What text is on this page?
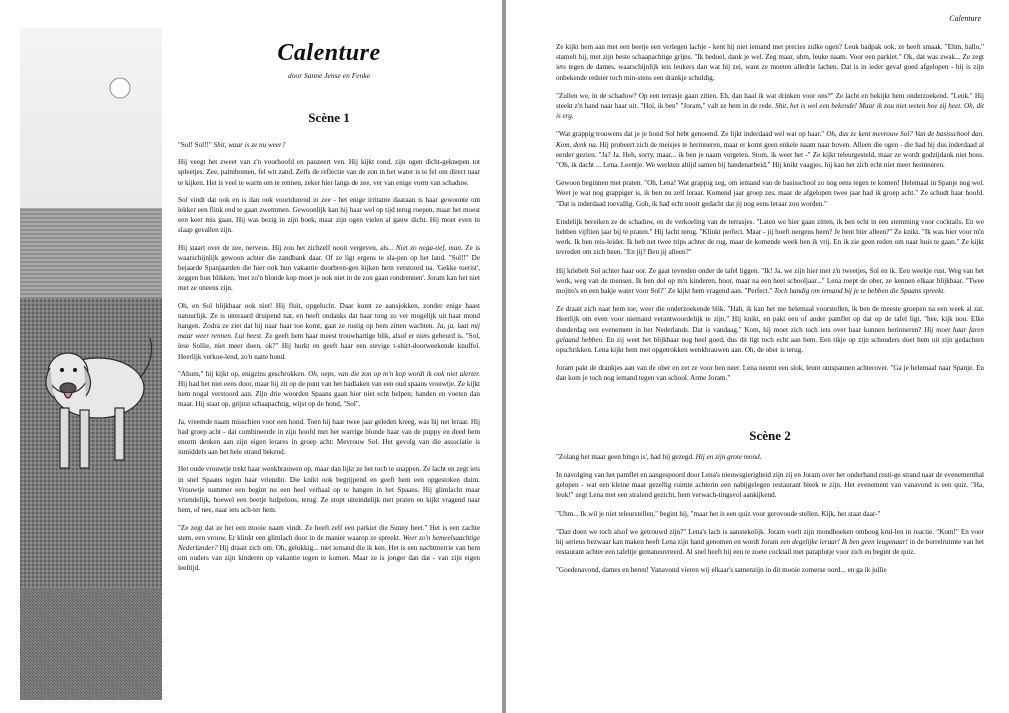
Calenture

door Sanne Jense en Fenke

Scène 1

"Sol! Sol!!" Shit, waar is ze nu weer?

Hij veegt het zweet van z'n voorhoofd en pauzeert ven. Hij kijkt rond, zijn ogen dicht-geknepen tot spleetjes. Zee, palmbomen, fel wit zand. Zelfs de reflectie van de zon in het water is te fel om direct naar te kijken. Het is veel te warm om te rennen, zeker hier langs de zee, ver van enige vorm van schaduw.

Sol vindt dat ook en is dan ook voortdurend in zee - het enige irritante daaraan is haar gewoonte om lekker een flink end te gaan zwemmen. Gewoonlijk kan hij haar wel op tijd terug roepen, maar het moest een keer mis gaan. Hij was bezig in zijn boek, maar zijn ogen vielen al gauw dicht. Hij moet even in slaap gevallen zijn.

Hij staart over de zee, nerveus. Hij zou het zichzelf nooit vergeven, als... Niet zo nega-tief, man. Ze is waarschijnlijk gewoon achter die zandbank daar. Of ze ligt ergens te sla-pen op het land. "Sol!!" De bejaarde Spanjaarden die hier ook hun vakantie doorbren-gen kijken hem verstoord na. 'Gekke toerist', zeggen hun blikken, 'met zo'n blonde kop moet je ook niet in de zon gaan rondrennen'. Joram kan het niet met ze oneens zijn.

Oh, en Sol blijkbaar ook niet! Hij fluit, opgelucht. Daar komt ze aansjokken, zonder enige haast natuurlijk. Ze is uiteraard druipend nat, en heeft ondanks dat haar tong zo ver mogelijk uit haar mond hangen. Zodra ze ziet dat hij naar haar toe komt, gaat ze rustig op hem zitten wachten. Ja, ja, laat mij maar weer rennen. Lui beest. Ze geeft hem haar meest trouwhartige blik, alsof er niets gebeurd is. "Sol, lese Sollie, niet meer doen, ok?" Hij hurkt en geeft haar een stevige t-shirt-doorweekende knuffel. Heerlijk verkoe-lend, zo'n natte hond.

"Ahum," hij kijkt op, enigzins geschrokken. Oh, oeps, van die zon op m'n kop wordt ik ook niet alerter. Hij had het niet eens door, maar hij zit op de punt van het badlaken van een oud spaans vrouwtje. Ze kijkt hem nogal verstoord aan. Zijn drie woorden Spaans gaan hier niet echt helpen; handen en voeten dan maar. Hij staat op, grijnst schaapachtig, wijst op de hond, "Sol".

Ja, vreemde naam misschien voor een hond. Toen hij haar twee jaar geleden kreeg, was hij net leraar. Hij had groep acht - dat combineerde in zijn hoofd met het warrige blonde haar van de puppy en deed hem enorm denken aan zijn eigen lerares in groep acht: Mevrouw Sol. Het gevolg van die associatie is inmiddels aan het hele strand bekend.

Het oude vrouwtje trekt haar wenkbrauwen op, maar dan lijkt ze het toch te snappen. Ze lacht en zegt iets in snel Spaans tegen haar vriendin. Die knikt ook begrijpend en geeft hem een opgestoken duim. Vrouwtje nummer een begint nu een heel verhaal op te hangen in het Spaans. Hij glimlacht maar vriendelijk, hoewel een beetje hulpeloos, terug. Ze stopt uiteindelijk met praten en kijkt vragend naar hem, of nee, naar iets ach-ter hem.

"Ze zegt dat ze het een mooie naam vindt. Ze heeft zelf een parkiet die Sunny heet." Het is een zachte stem, een vrouw. Er klinkt een glimlach door in de manier waarop ze spreekt. Weer zo'n hemeelsaachtige Nederlander? Hij draait zich om. Oh, gelukkig... niet iemand die ik ken. Het is een nachtmerrie van hem om ouders van zijn kinderen op vakantie tegen te komen. Maar ze is jonger dan dat - van zijn eigen leeftijd.

Calenture

Ze kijkt hem aan met een beetje een verlegen lachje - kent hij niet iemand met precies zulke ogen? Leuk badpak ook, ze heeft smaak. "Ehm, hallo," stamelt hij, met zijn beste schaapachtige grijns. "Ik bedoel, dank je wel. Zeg maar, uhm, leuke naam. Voor een parkiet." Ok, dat was zwak... Ze zegt iets tegen de dames, waarschijnlijk iets leukers dan wat hij zei, want ze moeten alledrie lachen. Dat is in ieder geval goed afgelopen - hij is zijn onbekende redster toch min-stens een drankje schuldig.

"Zullen we, in de schaduw? Op een terrasje gaan zitten. Eh, dan haal ik wat drinken voor ons?" Ze lacht en bekijkt hem onderzoekend. "Leuk." Hij steekt z'n hand naar haar uit. "Hoi, ik ben" "Joram," valt ze hem in de rede. Shit, het is wel een bekende! Maar ik zou niet weten hoe zij heet. Oh, dit is erg.

"Wat grappig trouwens dat je je hond Sol hebt genoemd. Ze lijkt inderdaad wel wat op haar." Oh, dus ze kent mevrouw Sol? Van de basisschool dan. Kom, denk na. Hij probeert zich de meisjes te herinneren, maar er komt geen enkele naam naar boven. Alleen die ogen - die had hij dus inderdaad al eerder gezien. "Ja? Ja. Heh, sorry, maar... ik ben je naam vergeten. Stom, ik weet het -" Ze kijkt teleurgesteld, maar ze wordt godzijdank niet boos. "Oh, ik dacht ... Lena. Leentje. We werkten altijd samen bij handenarbeid." Hij knikt vaagjes, hij kan het zich echt niet meer herinneren.

Gewoon beginnen met praten. "Oh, Lena! Wat grappig zeg, om iemand van de basisschool zo nog eens tegen te komen! Helemaal in Spanje nog wel. Weet je wat nog grappiger is, ik ben nu zelf leraar. Komend jaar groep zes, maar de afgelopen twee jaar had ik groep acht." Ze schudt haar hoofd. "Dat is inderdaad toevallig. Goh, ik had echt nooit gedacht dat jij nog eens leraar zou worden."

Eindelijk bereiken ze de schaduw, en de verkoeling van de terrasjes. "Laten we hier gaan zitten, ik ben echt in een stemming voor cocktails. En we hebben vijftien jaar bij te praten." Hij lacht terug. "Klinkt perfect. Maar - jij hoeft nergens heen? Je bent hier alleen?" Ze knikt. "Ik was hier voor m'n werk. Ik ben reis-leider. Ik heb net twee trips achter de rug, maar de komende week ben ik vrij. En ik zie geen reden om naar huis te gaan." Ze kijkt tevreden om zich heen. "En jij? Ben jij alleen?"

Hij kriebelt Sol achter haar oor. Ze gaat tevreden onder de tafel liggen. "Ik! Ja, we zijn hier met z'n tweetjes, Sol en ik. Een weekje rust. Weg van het werk, weg van de mensen. Ik ben dol op m'n kinderen, hoor, maar na een heel schooljaar..." Lena roept de ober, ze kennen elkaar blijkbaar. "Twee mojito's en een bakje water voor Sol?" Ze kijkt hem vragend aan. "Perfect." Toch handig om iemand bij je te hebben die Spaans spreekt.

Ze draait zich naar hem toe, weer die onderzoekende blik. "Hah, ik kan het me helemaal voorstellen, ik ben de meeste groepen na een week al zat. Heerlijk om even voor niemand verantwoordelijk te zijn." Hij knikt, en pakt een of ander pamflet op dat op de tafel ligt, "hee, kijk nou. Elke donderdag een evenement in het Nederlands. Dat is vandaag." Kom, hij moet zich toch iets over haar kunnen herinneren? Hij moet haar faren gelaand hebben. En zij weet het blijkbaar nog heel goed, dus dit ligt toch echt aan hem. Een tikje op zijn schouders doet hem uit zijn gedachten opschrikken. Lena kijkt hem met opgetrokken wenkbrauwen aan. Oh, de ober is terug.

Joram pakt de drankjes aan van de ober en zet ze voor hen neer. Lena neemt een slok, leunt ontspannen achterover. "Ga je helemaal naar Spanje. En dan kom je toch nog iemand tegen van school. Arme Joram."

Scène 2

"Zolang het maar geen bingo is', had hij gezegd. Hij en zijn grote mond.

In navolging van het pamflet en aangespoord door Lena's nieuwsgierigheid zijn zij en Joram over het onderhand rusti-ge strand naar de evenementhal gelopen - wat een kleine maar gezellig ruimte achterin een nabijgelegen restaurant bleek te zijn. Het evenement van vanavond is een quiz. "Ha, leuk!" zegt Lena met een stralend gezicht, hem verwach-tingsvol aankijkend.

"Uhm... Ik wil je niet teleurstellen," begint hij, "maar het is een quiz voor gerovoude stellen. Kijk, het staat daar-"

"Dan doen we toch alsof we getrouwd zijn?" Lena's lach is aanstekelijk. Joram voelt zijn mondhoeken omhoog krul-len in reactie. "Kom!" En voor hij serieus bezwaar kan maken heeft Lena zijn hand genomen en wordt Joram een degelijke leraar! Ik ben geen leugenaar! in de borrelruimte van het restaurant achter een tafeltje gemaneuvreerd. Al snel heeft hij een te zoete cocktail met paraplutje voor zich en begint de quiz.

"Goedenavond, dames en heren! Vanavond vieren wij elkaar's samenzijn in dit mooie zomerse oord... en ga ik jullie
